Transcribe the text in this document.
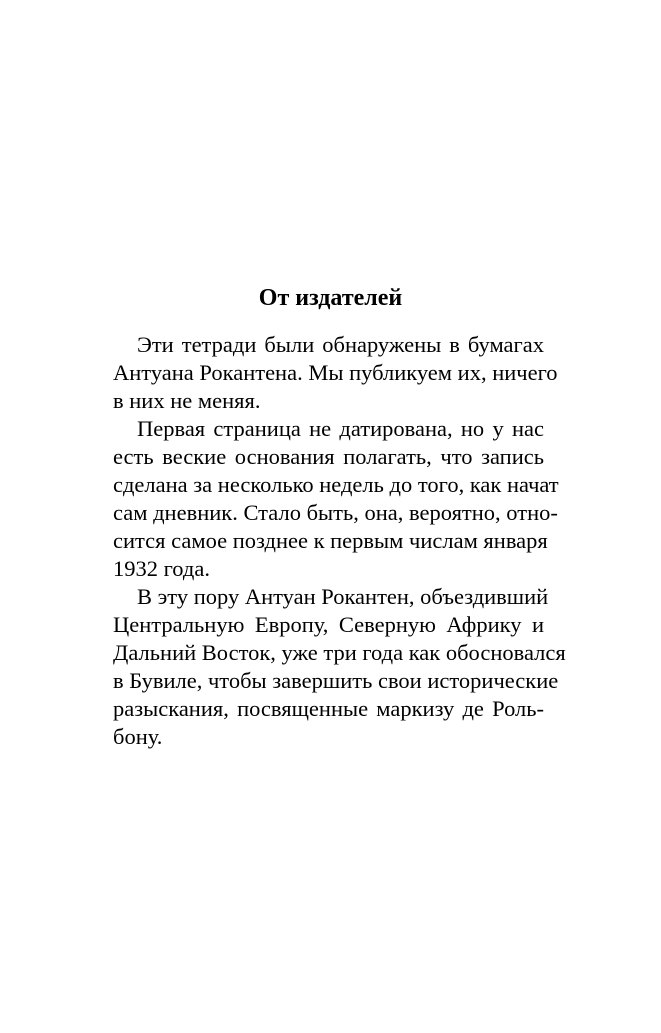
От издателей
Эти тетради были обнаружены в бумагах
Антуана Рокантена. Мы публикуем их, ничего
в них не меняя.
Первая страница не датирована, но у нас
есть веские основания полагать, что запись
сделана за несколько недель до того, как начат
сам дневник. Стало быть, она, вероятно, отно-
сится самое позднее к первым числам января
1932 года.
В эту пору Антуан Рокантен, объездивший
Центральную Европу, Северную Африку и
Дальний Восток, уже три года как обосновался
в Бувиле, чтобы завершить свои исторические
разыскания, посвященные маркизу де Роль-
бону.
